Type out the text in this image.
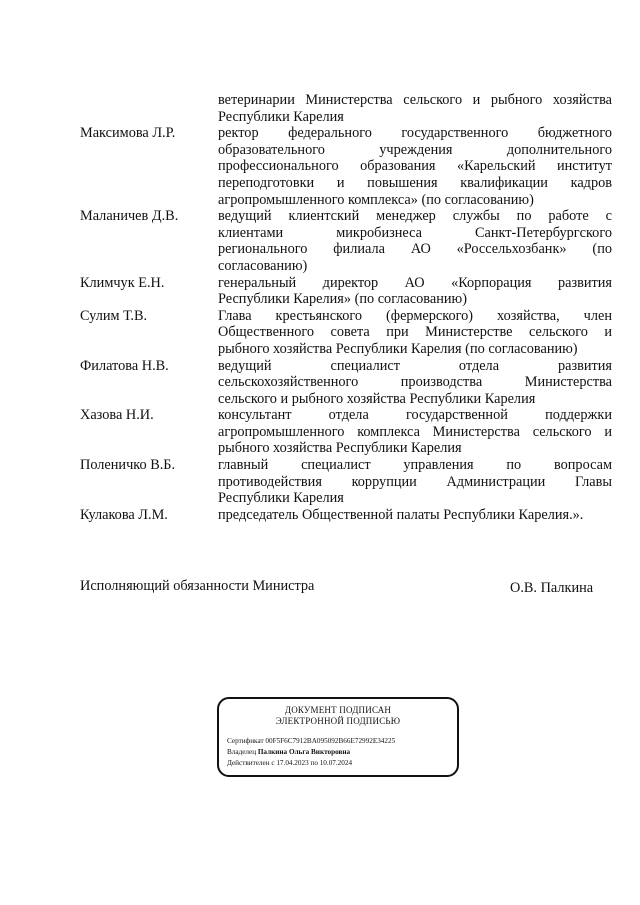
ветеринарии Министерства сельского и рыбного хозяйства
Республики Карелия
Максимова Л.Р.	ректор федерального государственного бюджетного
образовательного учреждения дополнительного
профессионального образования «Карельский институт
переподготовки и повышения квалификации кадров
агропромышленного комплекса» (по согласованию)
Маланичев Д.В.	ведущий клиентский менеджер службы по работе с
клиентами микробизнеса Санкт-Петербургского
регионального филиала АО «Россельхозбанк» (по
согласованию)
Климчук Е.Н.	генеральный директор АО «Корпорация развития
Республики Карелия» (по согласованию)
Сулим Т.В.	Глава крестьянского (фермерского) хозяйства, член
Общественного совета при Министерстве сельского и
рыбного хозяйства Республики Карелия (по согласованию)
Филатова Н.В.	ведущий специалист отдела развития
сельскохозяйственного производства Министерства
сельского и рыбного хозяйства Республики Карелия
Хазова Н.И.	консультант отдела государственной поддержки
агропромышленного комплекса Министерства сельского и
рыбного хозяйства Республики Карелия
Поленичко В.Б.	главный специалист управления по вопросам
противодействия коррупции Администрации Главы
Республики Карелия
Кулакова Л.М.	председатель Общественной палаты Республики Карелия.».
Исполняющий обязанности Министра	О.В. Палкина
ДОКУМЕНТ ПОДПИСАН
ЭЛЕКТРОННОЙ ПОДПИСЬЮ
Сертификат 00F5F6C7912BA095092B66E72992E34225
Владелец Палкина Ольга Викторовна
Действителен с 17.04.2023 по 10.07.2024
